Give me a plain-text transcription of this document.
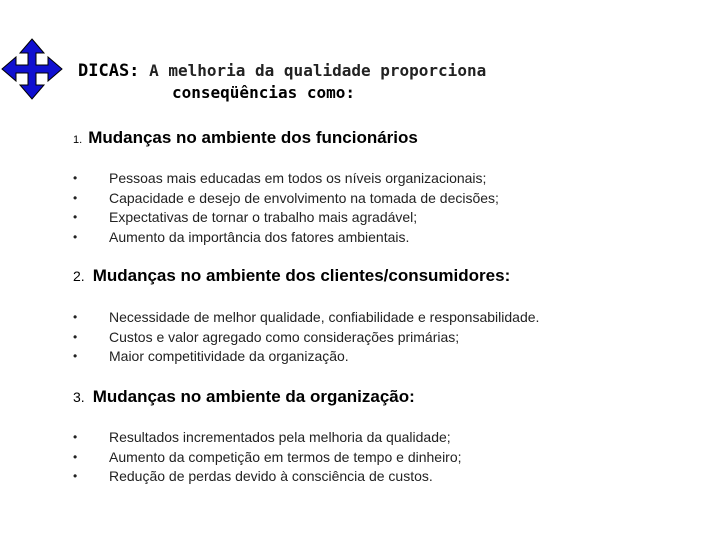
DICAS: A melhoria da qualidade proporciona
conseqüências como:
1. Mudanças no ambiente dos funcionários
• Pessoas mais educadas em todos os níveis organizacionais;
• Capacidade e desejo de envolvimento na tomada de decisões;
• Expectativas de tornar o trabalho mais agradável;
• Aumento da importância dos fatores ambientais.
2. Mudanças no ambiente dos clientes/consumidores:
• Necessidade de melhor qualidade, confiabilidade e responsabilidade.
• Custos e valor agregado como considerações primárias;
• Maior competitividade da organização.
3. Mudanças no ambiente da organização:
• Resultados incrementados pela melhoria da qualidade;
• Aumento da competição em termos de tempo e dinheiro;
• Redução de perdas devido à consciência de custos.
